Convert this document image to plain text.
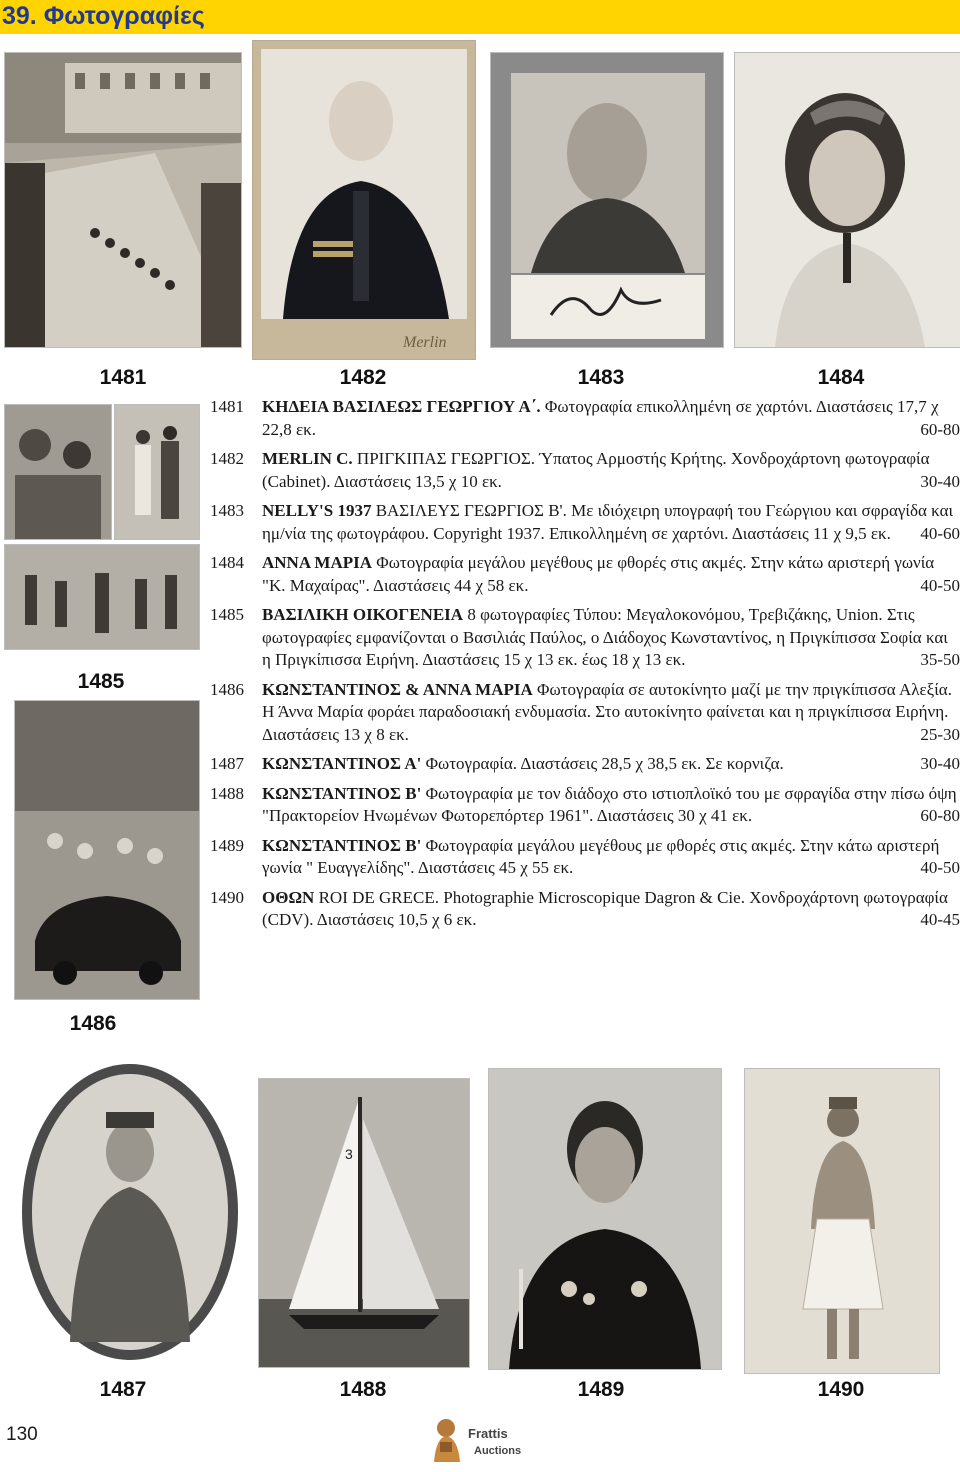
39. Φωτογραφίες
Merlin
1481	1482	1483	1484
1485
1486
1481 ΚΗΔΕΙΑ ΒΑΣΙΛΕΩΣ ΓΕΩΡΓΙΟΥ Α΄. Φωτογραφία επικολλημένη σε χαρτόνι. Διαστάσεις 17,7 χ 22,8 εκ.	60-80
1482 MERLIN C. ΠΡΙΓΚΙΠΑΣ ΓΕΩΡΓΙΟΣ. Ύπατος Αρμοστής Κρήτης. Χονδροχάρτονη φωτογραφία (Cabinet). Διαστάσεις 13,5 χ 10 εκ.	30-40
1483 NELLY'S 1937 ΒΑΣΙΛΕΥΣ ΓΕΩΡΓΙΟΣ Β'. Με ιδιόχειρη υπογραφή του Γεώργιου και σφραγίδα και ημ/νία της φωτογράφου. Copyright 1937. Επικολλημένη σε χαρτόνι. Διαστάσεις 11 χ 9,5 εκ. 40-60
1484 ΑΝΝΑ ΜΑΡΙΑ Φωτογραφία μεγάλου μεγέθους με φθορές στις ακμές. Στην κάτω αριστερή γωνία "Κ. Μαχαίρας". Διαστάσεις 44 χ 58 εκ.	40-50
1485 ΒΑΣΙΛΙΚΗ ΟΙΚΟΓΕΝΕΙΑ 8 φωτογραφίες Τύπου: Μεγαλοκονόμου, Τρεβιζάκης, Union. Στις φωτογραφίες εμφανίζονται ο Βασιλιάς Παύλος, ο Διάδοχος Κωνσταντίνος, η Πριγκίπισσα Σοφία και η Πριγκίπισσα Ειρήνη. Διαστάσεις 15 χ 13 εκ. έως 18 χ 13 εκ.	35-50
1486 ΚΩΝΣΤΑΝΤΙΝΟΣ & ΑΝΝΑ ΜΑΡΙΑ Φωτογραφία σε αυτοκίνητο μαζί με την πριγκίπισσα Αλεξία. Η Άννα Μαρία φοράει παραδοσιακή ενδυμασία. Στο αυτοκίνητο φαίνεται και η πριγκίπισσα Ειρήνη. Διαστάσεις 13 χ 8 εκ.	25-30
1487 ΚΩΝΣΤΑΝΤΙΝΟΣ Α' Φωτογραφία. Διαστάσεις 28,5 χ 38,5 εκ. Σε κορνιζα.	30-40
1488 ΚΩΝΣΤΑΝΤΙΝΟΣ Β' Φωτογραφία με τον διάδοχο στο ιστιοπλοϊκό του με σφραγίδα στην πίσω όψη "Πρακτορείον Ηνωμένων Φωτορεπόρτερ 1961". Διαστάσεις 30 χ 41 εκ.	60-80
1489 ΚΩΝΣΤΑΝΤΙΝΟΣ Β' Φωτογραφία μεγάλου μεγέθους με φθορές στις ακμές. Στην κάτω αριστερή γωνία " Ευαγγελίδης". Διαστάσεις 45 χ 55 εκ.	40-50
1490 ΟΘΩΝ ROI DE GRECE. Photographie Microscopique Dagron & Cie. Χονδροχάρτονη φωτογραφία (CDV). Διαστάσεις 10,5 χ 6 εκ.	40-45
3
1487	1488	1489	1490
130	Frattis
Auctions
